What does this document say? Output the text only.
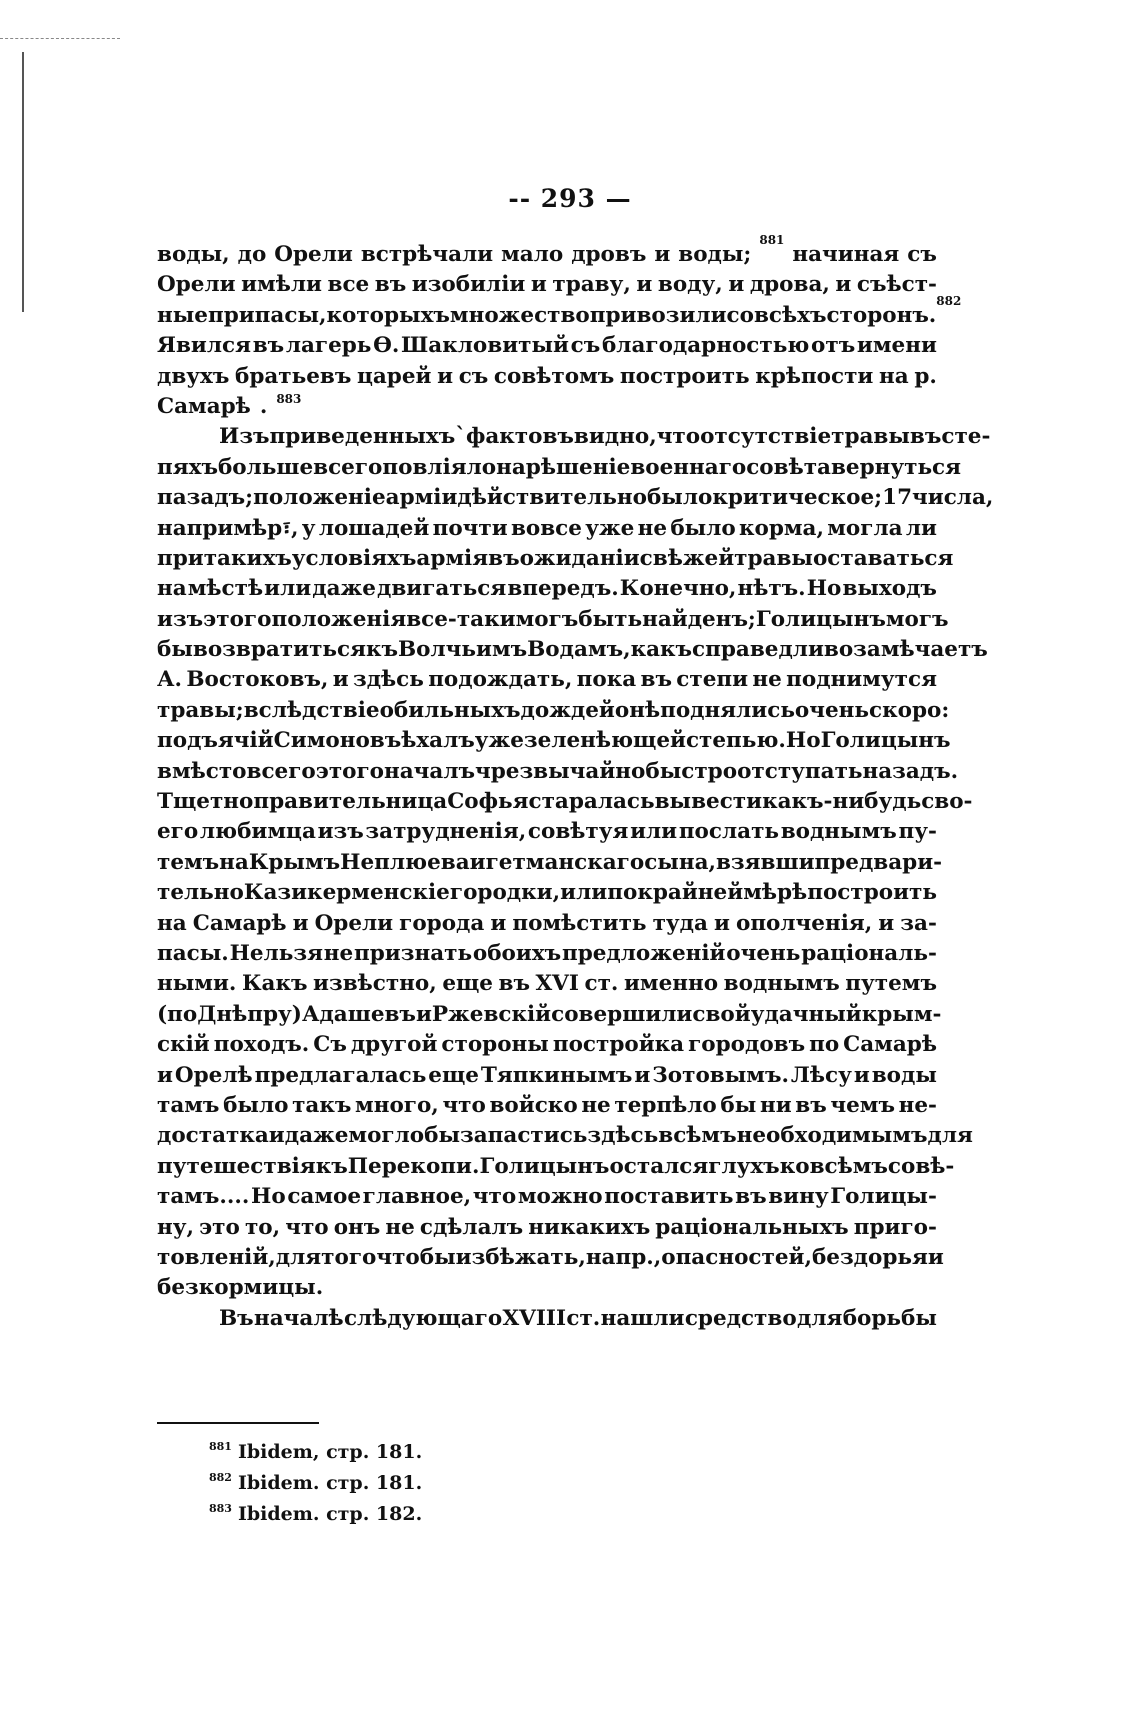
-- 293 —
воды, до Орели встрѣчали мало дровъ и воды;
881
начиная съ
Орели имѣли все въ изобиліи и траву, и воду, и дрова, и съѣст-
ные припасы, которыхъ множество привозили со всѣхъ сторонъ.
882
Явился въ лагерь Ѳ. Шакловитый съ благодарностью отъ имени
двухъ братьевъ царей и съ совѣтомъ построить крѣпости на р.
Самарѣ . $^{883}$
Изъ приведенныхъ`фактовъ видно, что отсутствіе травы въ сте-
пяхъ больше всего повліяло на рѣшеніе военнаго совѣта вернуться
пазадъ; положеніе арміи дѣйствительно было критическое; 17 числа,
напримѣр፣, у лошадей почти вовсе уже не было корма, могла ли
при такихъ условіяхъ армія въ ожиданіи свѣжей травы оставаться
на мѣстѣ или даже двигаться впередъ. Конечно, нѣтъ. Но выходъ
изъ этого положенія все-таки могъ быть найденъ; Голицынъ могъ
бы возвратиться къ Волчьимъ Водамъ, какъ справедливо замѣчаетъ
А. Востоковъ, и здѣсь подождать, пока въ степи не поднимутся
травы; вслѣдствіе обильныхъ дождей онѣ поднялись очень скоро:
подъячій Симоновъ ѣхалъ уже зеленѣющей степью. Но Голицынъ
вмѣсто всего этого началъ чрезвычайно быстро отступать назадъ.
Тщетно правительница Софья старалась вывести какъ-нибудь сво-
его любимца изъ затрудненія, совѣтуя или послать воднымъ пу-
темъ на Крымъ Неплюева и гетманскаго сына, взявши предвари-
тельно Казикерменскіе городки, или по крайней мѣрѣ построить
на Самарѣ и Орели города и помѣстить туда и ополченія, и за-
пасы. Нельзя не признать обоихъ предложеній очень раціональ-
ными. Какъ извѣстно, еще въ XVI ст. именно воднымъ путемъ
(по Днѣпру) Адашевъ и Ржевскій совершили свой удачный крым-
скій походъ. Съ другой стороны постройка городовъ по Самарѣ
и Орелѣ предлагалась еще Тяпкинымъ и Зотовымъ. Лѣсу и воды
тамъ было такъ много, что войско не терпѣло бы ни въ чемъ не-
достатка и даже могло бы запастись здѣсь всѣмъ необходимымъ для
путешествія къ Перекопи. Голицынъ остался глухъ ко всѣмъ совѣ-
тамъ.... Но самое главное, что можно поставить въ вину Голицы-
ну, это то, что онъ не сдѣлалъ никакихъ раціональныхъ приго-
товленій, для того чтобы избѣжать, напр., опасностей, бездорья и
безкормицы.
Въ началѣ слѣдующаго XVIII ст. нашли средство для борьбы
$^{881}$ Ibidem, стр. 181.
$^{882}$ Ibidem. стр. 181.
$^{883}$ Ibidem. стр. 182.
